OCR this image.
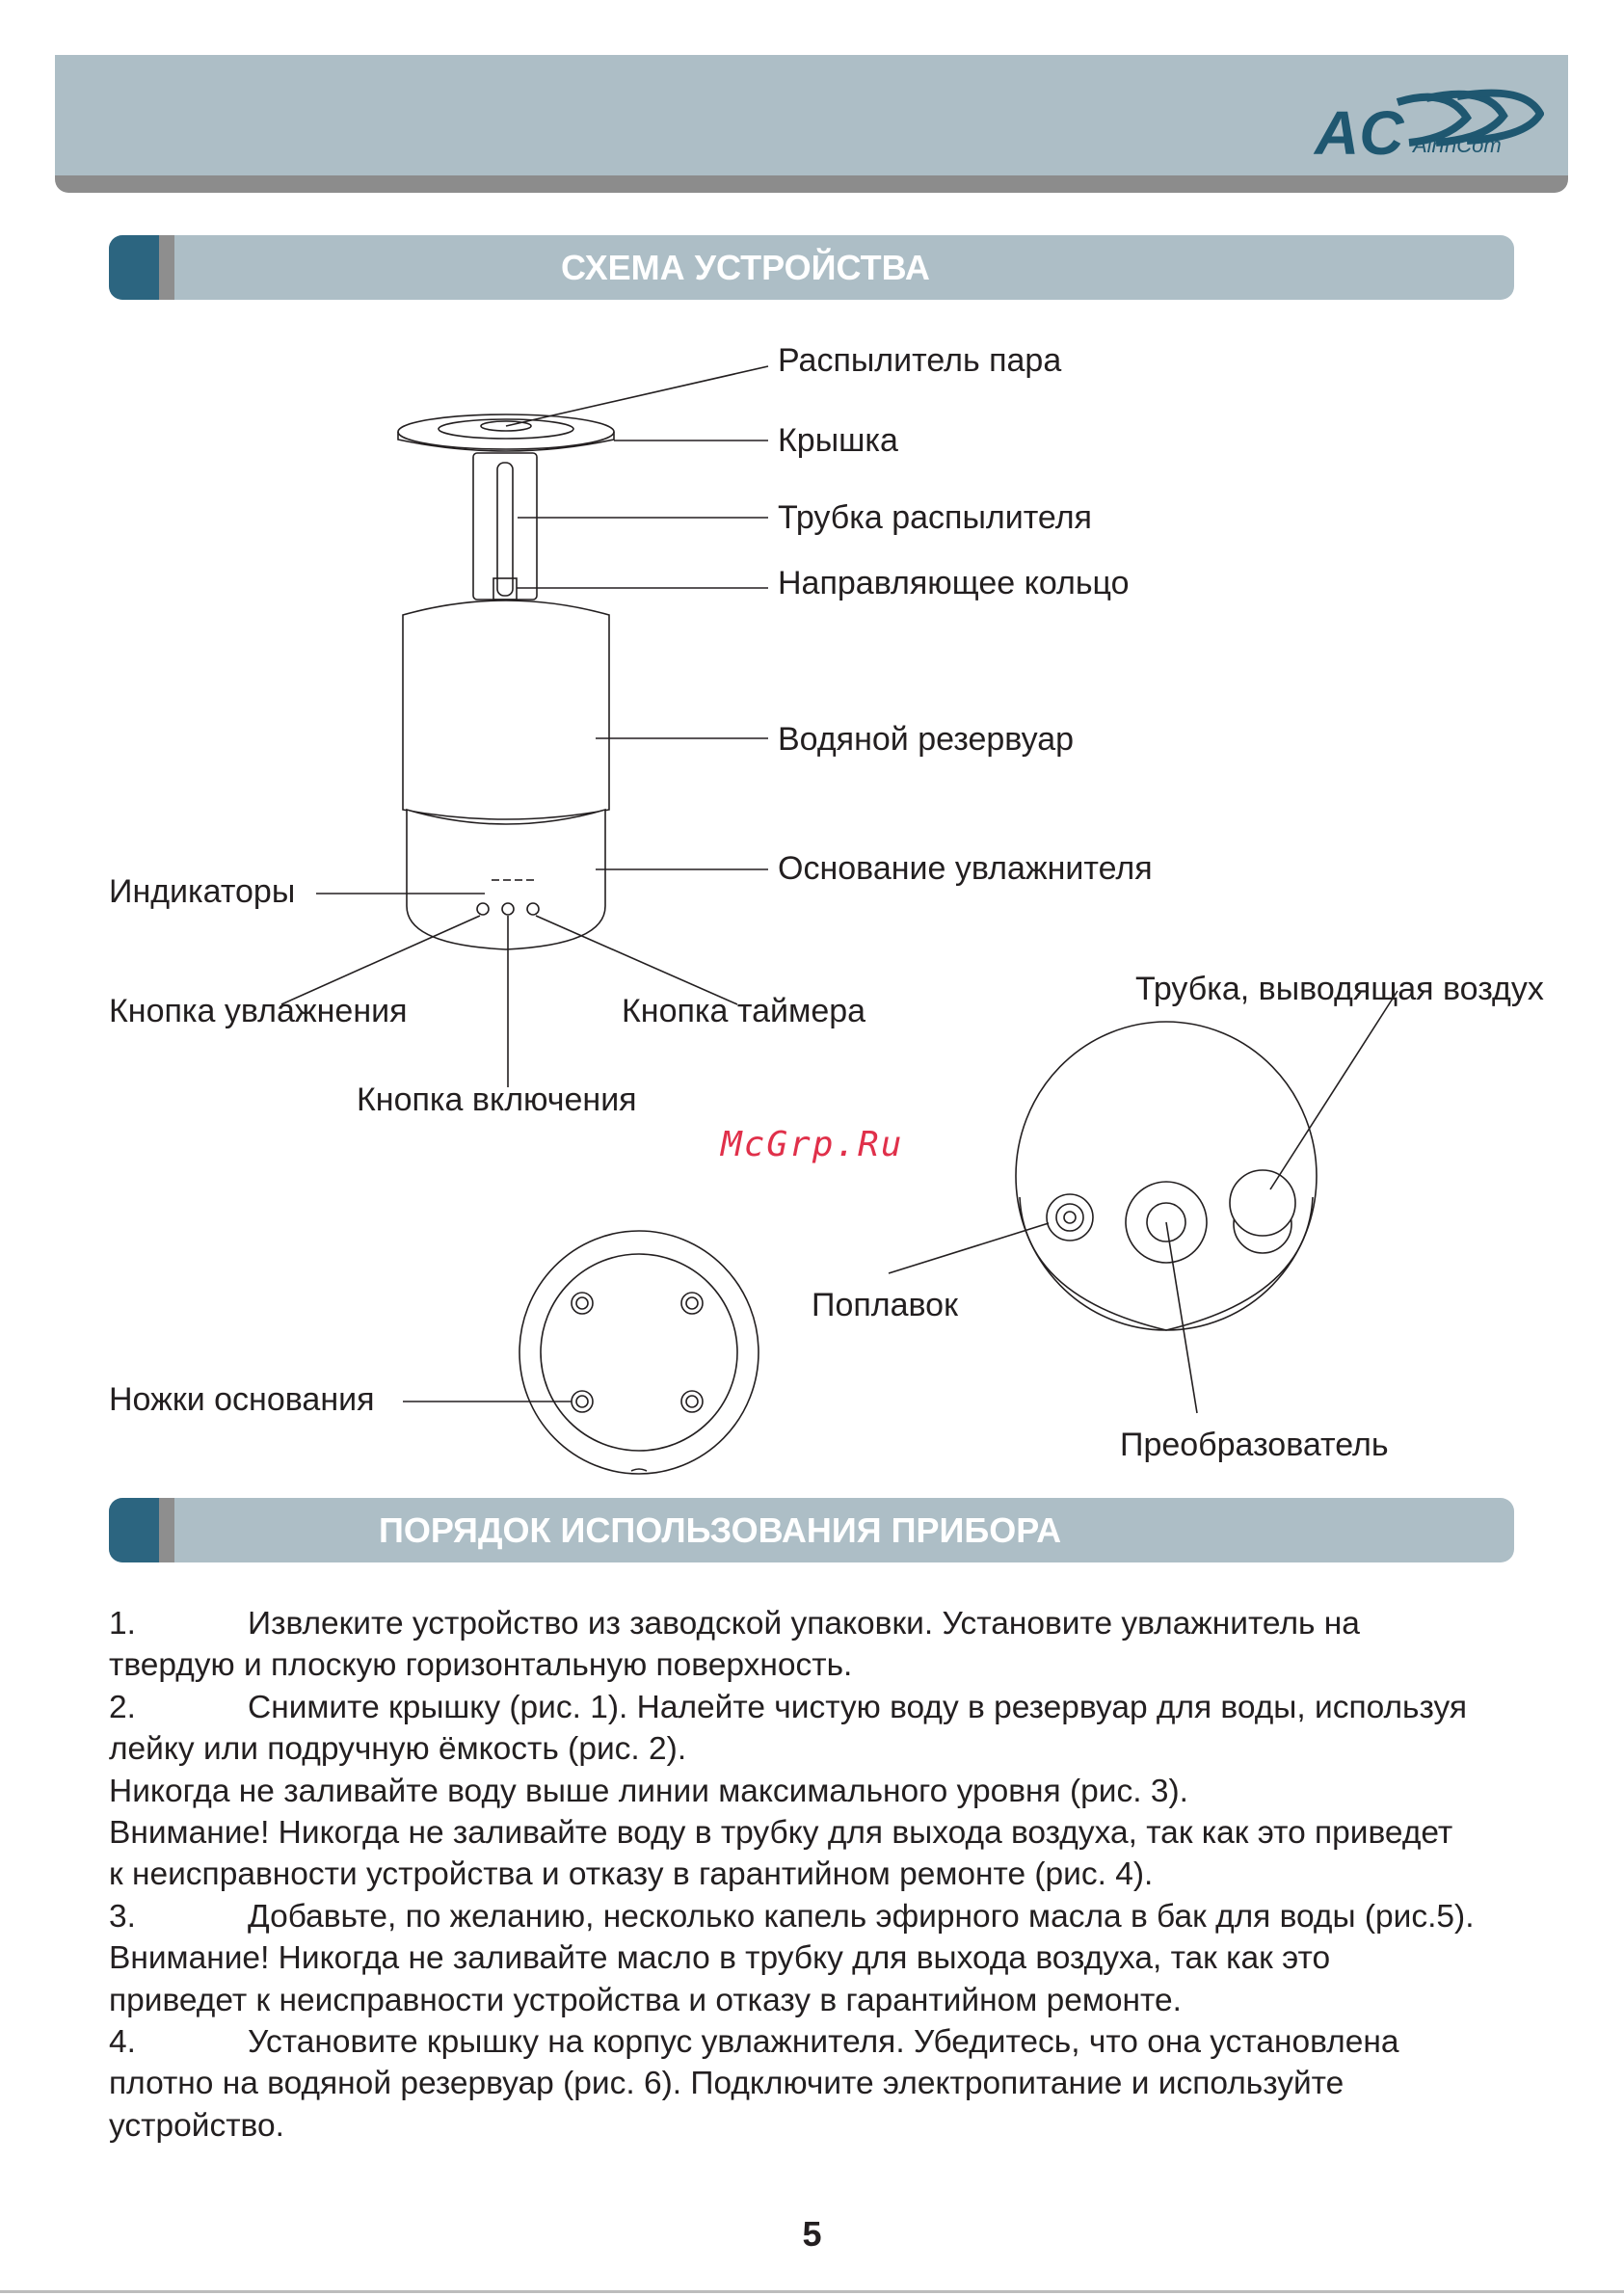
AC AirInCom
СХЕМА УСТРОЙСТВА
Распылитель пара
Крышка
Трубка распылителя
Направляющее кольцо
Водяной резервуар
Основание увлажнителя
Индикаторы
Кнопка увлажнения	Кнопка таймера
Трубка, выводящая воздух
Кнопка включения
Поплавок
Ножки основания
Преобразователь
McGrp.Ru
ПОРЯДОК ИСПОЛЬЗОВАНИЯ ПРИБОРА

1.	Извлеките устройство из заводской упаковки. Установите увлажнитель на

твердую и плоскую горизонтальную поверхность.

2.	Снимите крышку (рис. 1). Налейте чистую воду в резервуар для воды, используя

лейку или подручную ёмкость (рис. 2).

Никогда не заливайте воду выше линии максимального уровня (рис. 3).

Внимание! Никогда не заливайте воду в трубку для выхода воздуха, так как это приведет

к неисправности устройства и отказу в гарантийном ремонте (рис. 4).

3.	Добавьте, по желанию, несколько капель эфирного масла в бак для воды (рис.5).

Внимание! Никогда не заливайте масло в трубку для выхода воздуха, так как это

приведет к неисправности устройства и отказу в гарантийном ремонте.

4.	Установите крышку на корпус увлажнителя. Убедитесь, что она установлена

плотно на водяной резервуар (рис. 6). Подключите электропитание и используйте

устройство.

5
